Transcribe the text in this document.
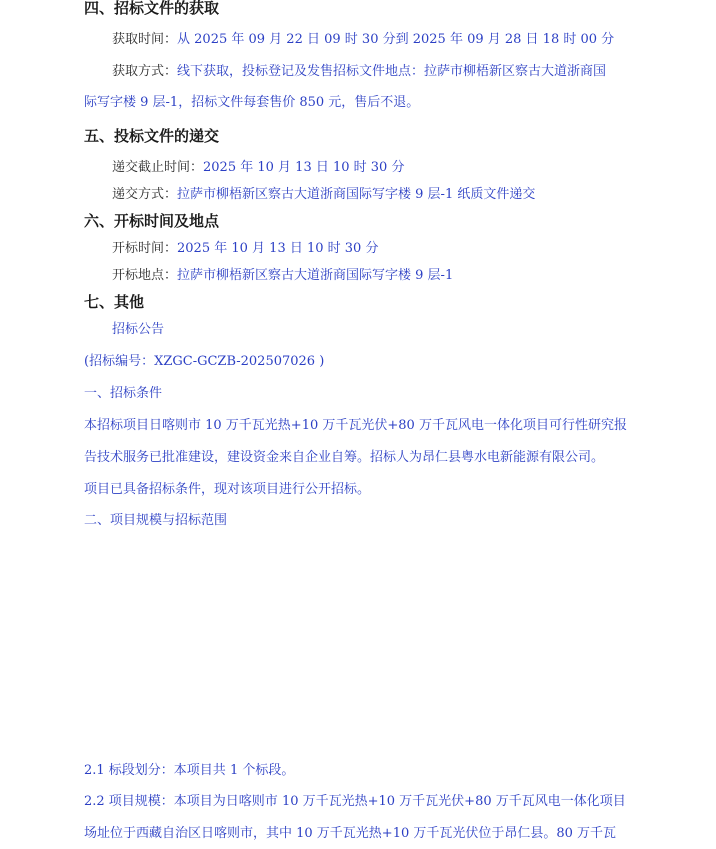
四、招标文件的获取
获取时间：从 2025 年 09 月 22 日 09 时 30 分到 2025 年 09 月 28 日 18 时 00 分
获取方式：线下获取，投标登记及发售招标文件地点：拉萨市柳梧新区察古大道浙商国
际写字楼 9 层-1，招标文件每套售价 850 元，售后不退。
五、投标文件的递交
递交截止时间：2025 年 10 月 13 日 10 时 30 分
递交方式：拉萨市柳梧新区察古大道浙商国际写字楼 9 层-1 纸质文件递交
六、开标时间及地点
开标时间：2025 年 10 月 13 日 10 时 30 分
开标地点：拉萨市柳梧新区察古大道浙商国际写字楼 9 层-1
七、其他
招标公告
(招标编号：XZGC-GCZB-202507026 )
一、招标条件
本招标项目日喀则市 10 万千瓦光热+10 万千瓦光伏+80 万千瓦风电一体化项目可行性研究报
告技术服务已批准建设，建设资金来自企业自筹。招标人为昂仁县粤水电新能源有限公司。
项目已具备招标条件，现对该项目进行公开招标。
二、项目规模与招标范围
2.1 标段划分：本项目共 1 个标段。
2.2 项目规模：本项目为日喀则市 10 万千瓦光热+10 万千瓦光伏+80 万千瓦风电一体化项目
场址位于西藏自治区日喀则市，其中 10 万千瓦光热+10 万千瓦光伏位于昂仁县。80 万千瓦
